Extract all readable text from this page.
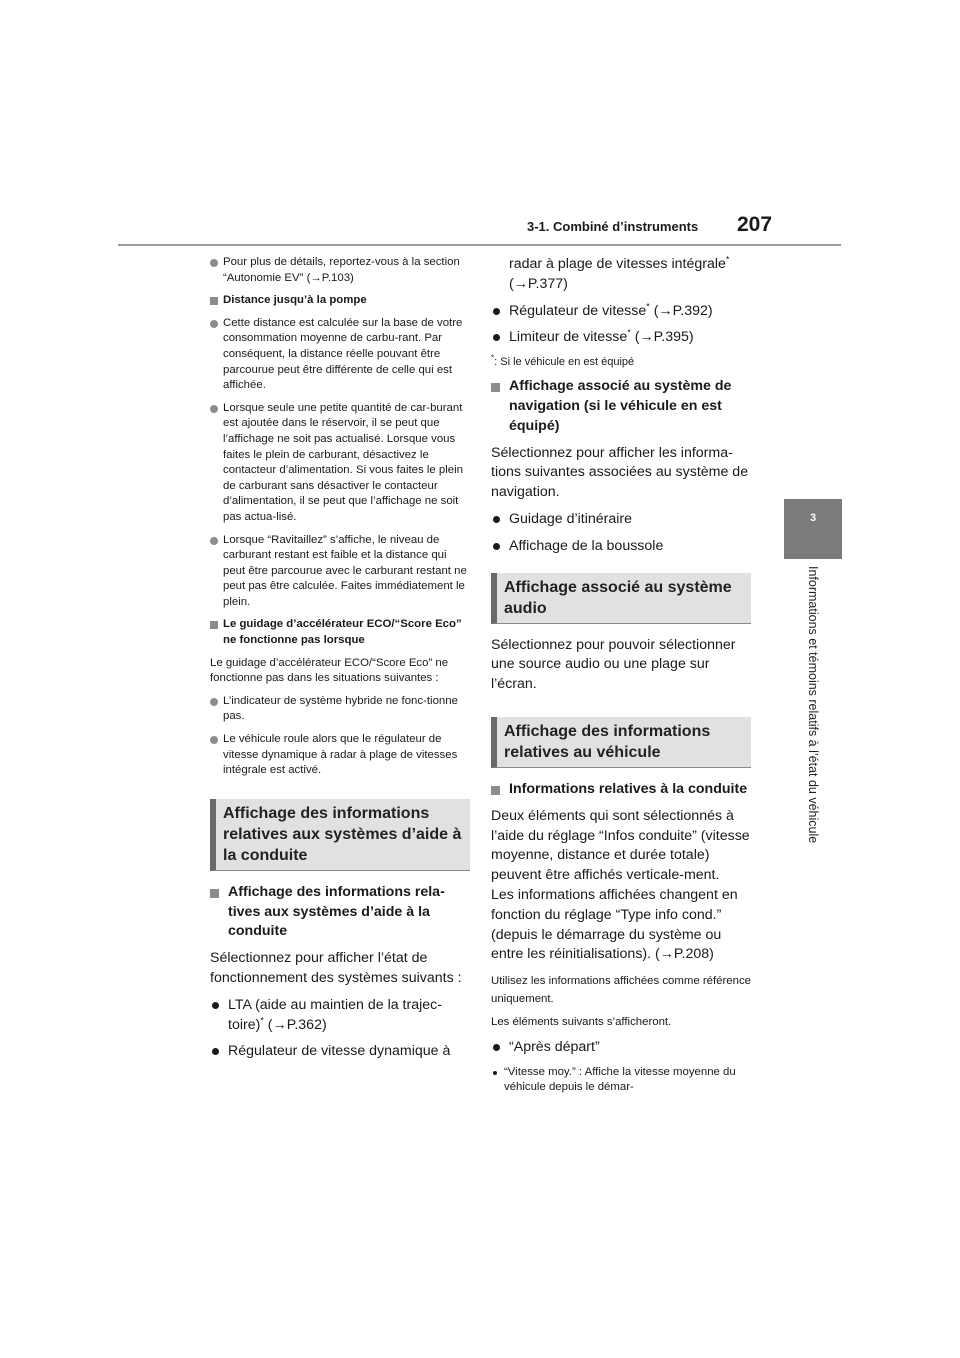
3-1. Combiné d’instruments 207
3
Informations et témoins relatifs à l’état du véhicule
Pour plus de détails, reportez-vous à la section “Autonomie EV” (→P.103)
Distance jusqu’à la pompe
Cette distance est calculée sur la base de votre consommation moyenne de carbu-rant. Par conséquent, la distance réelle pouvant être parcourue peut être différente de celle qui est affichée.
Lorsque seule une petite quantité de car-burant est ajoutée dans le réservoir, il se peut que l’affichage ne soit pas actualisé. Lorsque vous faites le plein de carburant, désactivez le contacteur d’alimentation. Si vous faites le plein de carburant sans désactiver le contacteur d’alimentation, il se peut que l’affichage ne soit pas actua-lisé.
Lorsque “Ravitaillez” s’affiche, le niveau de carburant restant est faible et la distance qui peut être parcourue avec le carburant restant ne peut pas être calculée. Faites immédiatement le plein.
Le guidage d’accélérateur ECO/“Score Eco” ne fonctionne pas lorsque
Le guidage d’accélérateur ECO/“Score Eco” ne fonctionne pas dans les situations suivantes :
L’indicateur de système hybride ne fonc-tionne pas.
Le véhicule roule alors que le régulateur de vitesse dynamique à radar à plage de vitesses intégrale est activé.
Affichage des informations relatives aux systèmes d’aide à la conduite
Affichage des informations rela-tives aux systèmes d’aide à la conduite
Sélectionnez pour afficher l’état de fonctionnement des systèmes suivants :
LTA (aide au maintien de la trajec-toire)* (→P.362)
Régulateur de vitesse dynamique à
radar à plage de vitesses intégrale*
(→P.377)
Régulateur de vitesse* (→P.392)
Limiteur de vitesse* (→P.395)
*: Si le véhicule en est équipé
Affichage associé au système de navigation (si le véhicule en est équipé)
Sélectionnez pour afficher les informa-tions suivantes associées au système de navigation.
Guidage d’itinéraire
Affichage de la boussole
Affichage associé au système audio
Sélectionnez pour pouvoir sélectionner une source audio ou une plage sur l’écran.
Affichage des informations relatives au véhicule
Informations relatives à la conduite
Deux éléments qui sont sélectionnés à l’aide du réglage “Infos conduite” (vitesse moyenne, distance et durée totale) peuvent être affichés verticale-ment.
Les informations affichées changent en fonction du réglage “Type info cond.” (depuis le démarrage du système ou entre les réinitialisations). (→P.208)
Utilisez les informations affichées comme référence uniquement.
Les éléments suivants s’afficheront.
“Après départ”
“Vitesse moy.” : Affiche la vitesse moyenne du véhicule depuis le démar-
